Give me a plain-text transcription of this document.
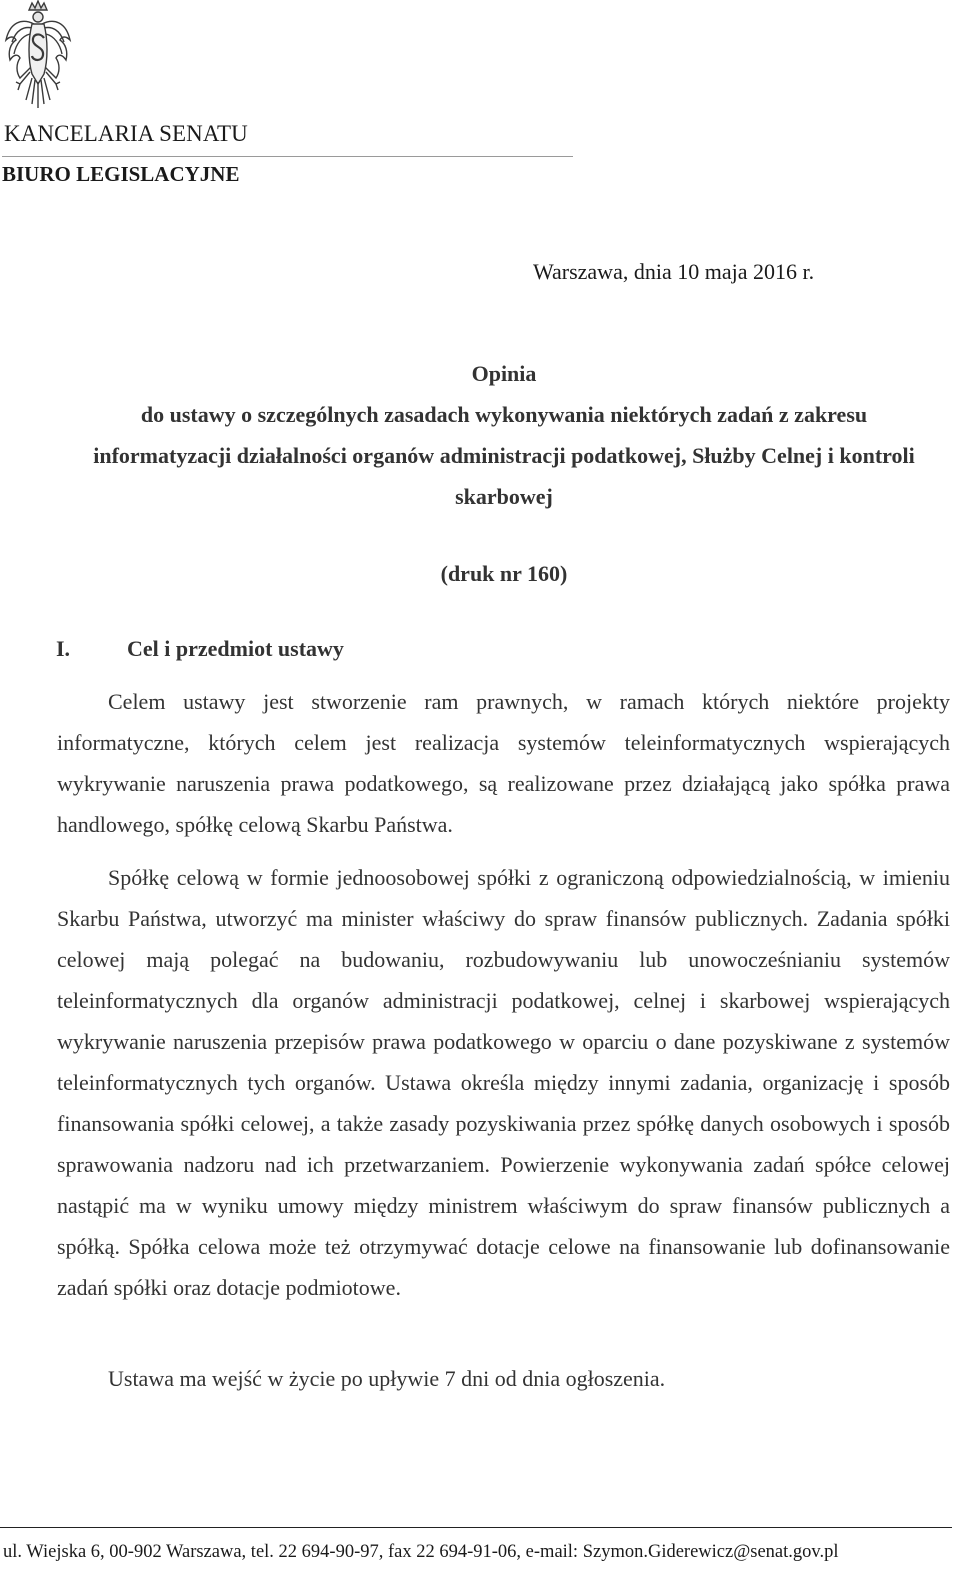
KANCELARIA SENATU
BIURO LEGISLACYJNE
Warszawa, dnia 10 maja 2016 r.
Opinia
do ustawy o szczególnych zasadach wykonywania niektórych zadań z zakresu
informatyzacji działalności organów administracji podatkowej, Służby Celnej i kontroli
skarbowej
(druk nr 160)
I.	Cel i przedmiot ustawy

Celem ustawy jest stworzenie ram prawnych, w ramach których niektóre projekty informatyczne, których celem jest realizacja systemów teleinformatycznych wspierających wykrywanie naruszenia prawa podatkowego, są realizowane przez działającą jako spółka prawa handlowego, spółkę celową Skarbu Państwa.

Spółkę celową w formie jednoosobowej spółki z ograniczoną odpowiedzialnością, w imieniu Skarbu Państwa, utworzyć ma minister właściwy do spraw finansów publicznych. Zadania spółki celowej mają polegać na budowaniu, rozbudowywaniu lub unowocześnianiu systemów teleinformatycznych dla organów administracji podatkowej, celnej i skarbowej wspierających wykrywanie naruszenia przepisów prawa podatkowego w oparciu o dane pozyskiwane z systemów teleinformatycznych tych organów. Ustawa określa między innymi zadania, organizację i sposób finansowania spółki celowej, a także zasady pozyskiwania przez spółkę danych osobowych i sposób sprawowania nadzoru nad ich przetwarzaniem. Powierzenie wykonywania zadań spółce celowej nastąpić ma w wyniku umowy między ministrem właściwym do spraw finansów publicznych a spółką. Spółka celowa może też otrzymywać dotacje celowe na finansowanie lub dofinansowanie zadań spółki oraz dotacje podmiotowe.

Ustawa ma wejść w życie po upływie 7 dni od dnia ogłoszenia.

ul. Wiejska 6, 00-902 Warszawa, tel. 22 694-90-97, fax 22 694-91-06, e-mail: Szymon.Giderewicz@senat.gov.pl
